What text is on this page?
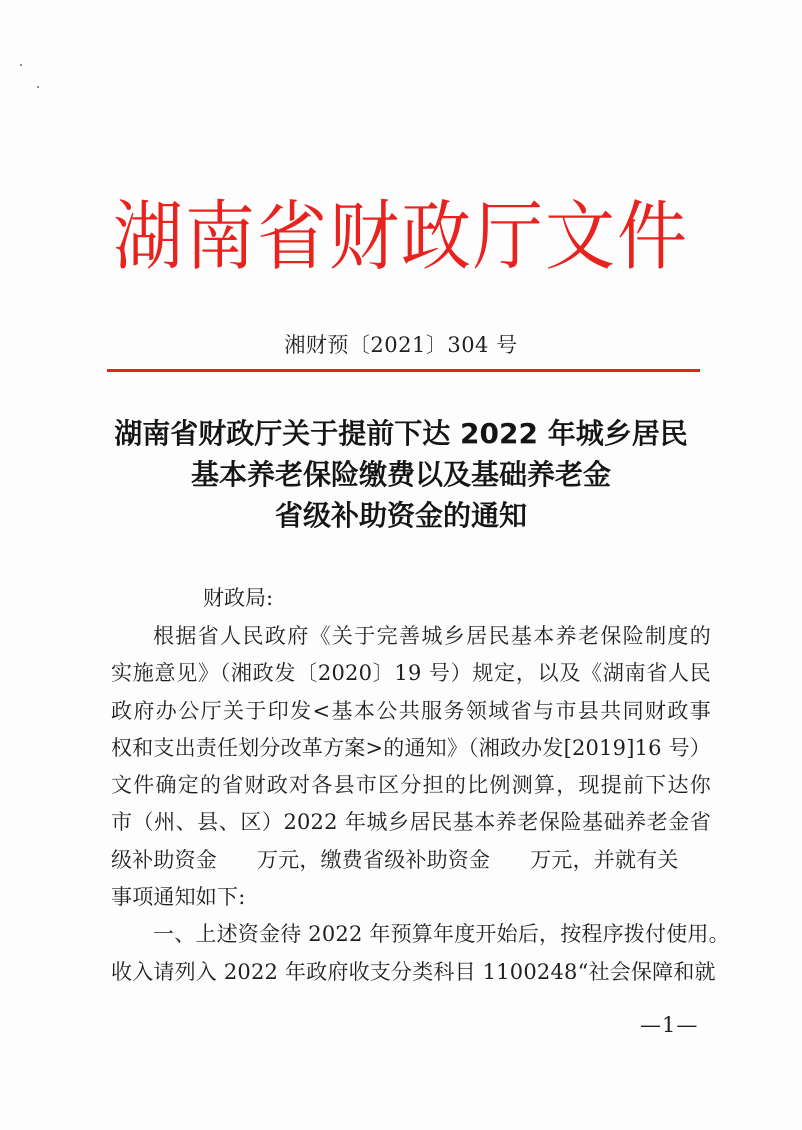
湖南省财政厅文件
湘财预〔2021〕304 号
湖南省财政厅关于提前下达 2022 年城乡居民
基本养老保险缴费以及基础养老金
省级补助资金的通知
财政局:
根据省人民政府《关于完善城乡居民基本养老保险制度的
实施意见》（湘政发〔2020〕19 号）规定，以及《湖南省人民
政府办公厅关于印发<基本公共服务领域省与市县共同财政事
权和支出责任划分改革方案>的通知》（湘政办发[2019]16 号）
文件确定的省财政对各县市区分担的比例测算，现提前下达你
市（州、县、区）2022 年城乡居民基本养老保险基础养老金省
级补助资金 万元，缴费省级补助资金 万元，并就有关
事项通知如下:
一、上述资金待 2022 年预算年度开始后，按程序拨付使用。
收入请列入 2022 年政府收支分类科目 1100248“社会保障和就
—1—
